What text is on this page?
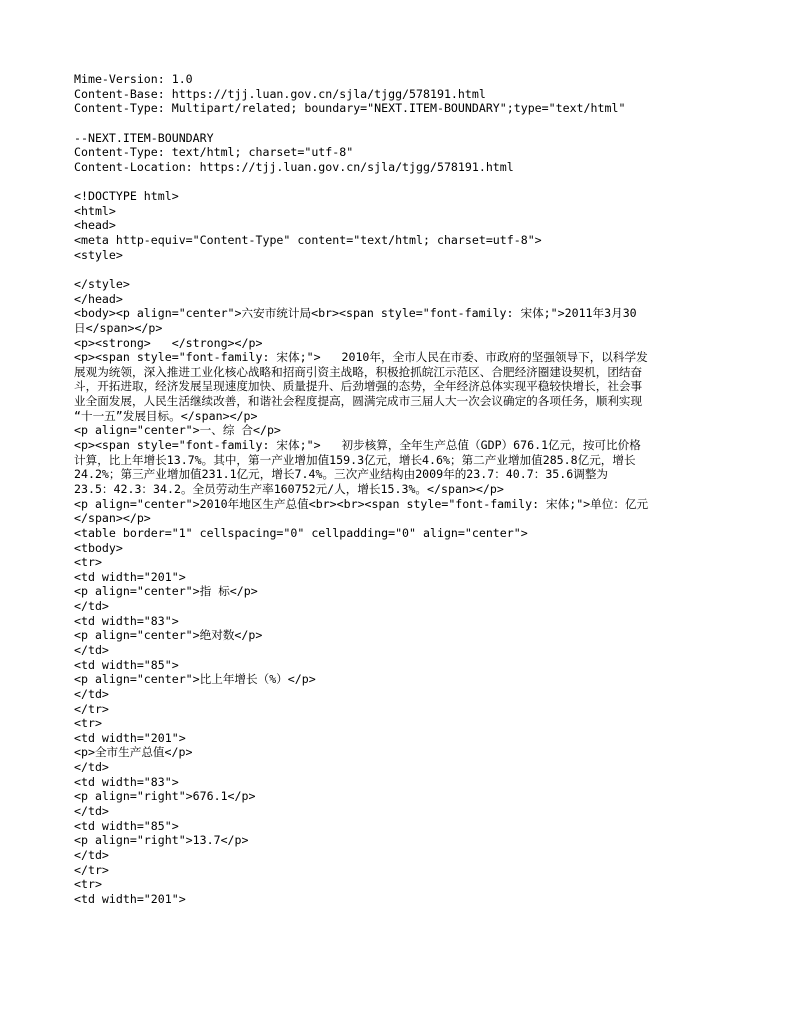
Mime-Version: 1.0
Content-Base: https://tjj.luan.gov.cn/sjla/tjgg/578191.html
Content-Type: Multipart/related; boundary="NEXT.ITEM-BOUNDARY";type="text/html"
--NEXT.ITEM-BOUNDARY
Content-Type: text/html; charset="utf-8"
Content-Location: https://tjj.luan.gov.cn/sjla/tjgg/578191.html
<!DOCTYPE html>
<html>
<head>
<meta http-equiv="Content-Type" content="text/html; charset=utf-8">
<style>
</style>
</head>
<body><p align="center">六安市统计局<br><span style="font-family: 宋体;">2011年3月30
日</span></p>
<p><strong>   </strong></p>
<p><span style="font-family: 宋体;">   2010年，全市人民在市委、市政府的坚强领导下，以科学发
展观为统领，深入推进工业化核心战略和招商引资主战略，积极抢抓皖江示范区、合肥经济圈建设契机，团结奋
斗，开拓进取，经济发展呈现速度加快、质量提升、后劲增强的态势，全年经济总体实现平稳较快增长，社会事
业全面发展，人民生活继续改善，和谐社会程度提高，圆满完成市三届人大一次会议确定的各项任务，顺利实现
“十一五”发展目标。</span></p>
<p align="center">一、综 合</p>
<p><span style="font-family: 宋体;">   初步核算，全年生产总值（GDP）676.1亿元，按可比价格
计算，比上年增长13.7%。其中，第一产业增加值159.3亿元，增长4.6%；第二产业增加值285.8亿元，增长
24.2%；第三产业增加值231.1亿元，增长7.4%。三次产业结构由2009年的23.7：40.7：35.6调整为
23.5：42.3：34.2。全员劳动生产率160752元/人，增长15.3%。</span></p>
<p align="center">2010年地区生产总值<br><br><span style="font-family: 宋体;">单位：亿元
</span></p>
<table border="1" cellspacing="0" cellpadding="0" align="center">
<tbody>
<tr>
<td width="201">
<p align="center">指 标</p>
</td>
<td width="83">
<p align="center">绝对数</p>
</td>
<td width="85">
<p align="center">比上年增长（%）</p>
</td>
</tr>
<tr>
<td width="201">
<p>全市生产总值</p>
</td>
<td width="83">
<p align="right">676.1</p>
</td>
<td width="85">
<p align="right">13.7</p>
</td>
</tr>
<tr>
<td width="201">
